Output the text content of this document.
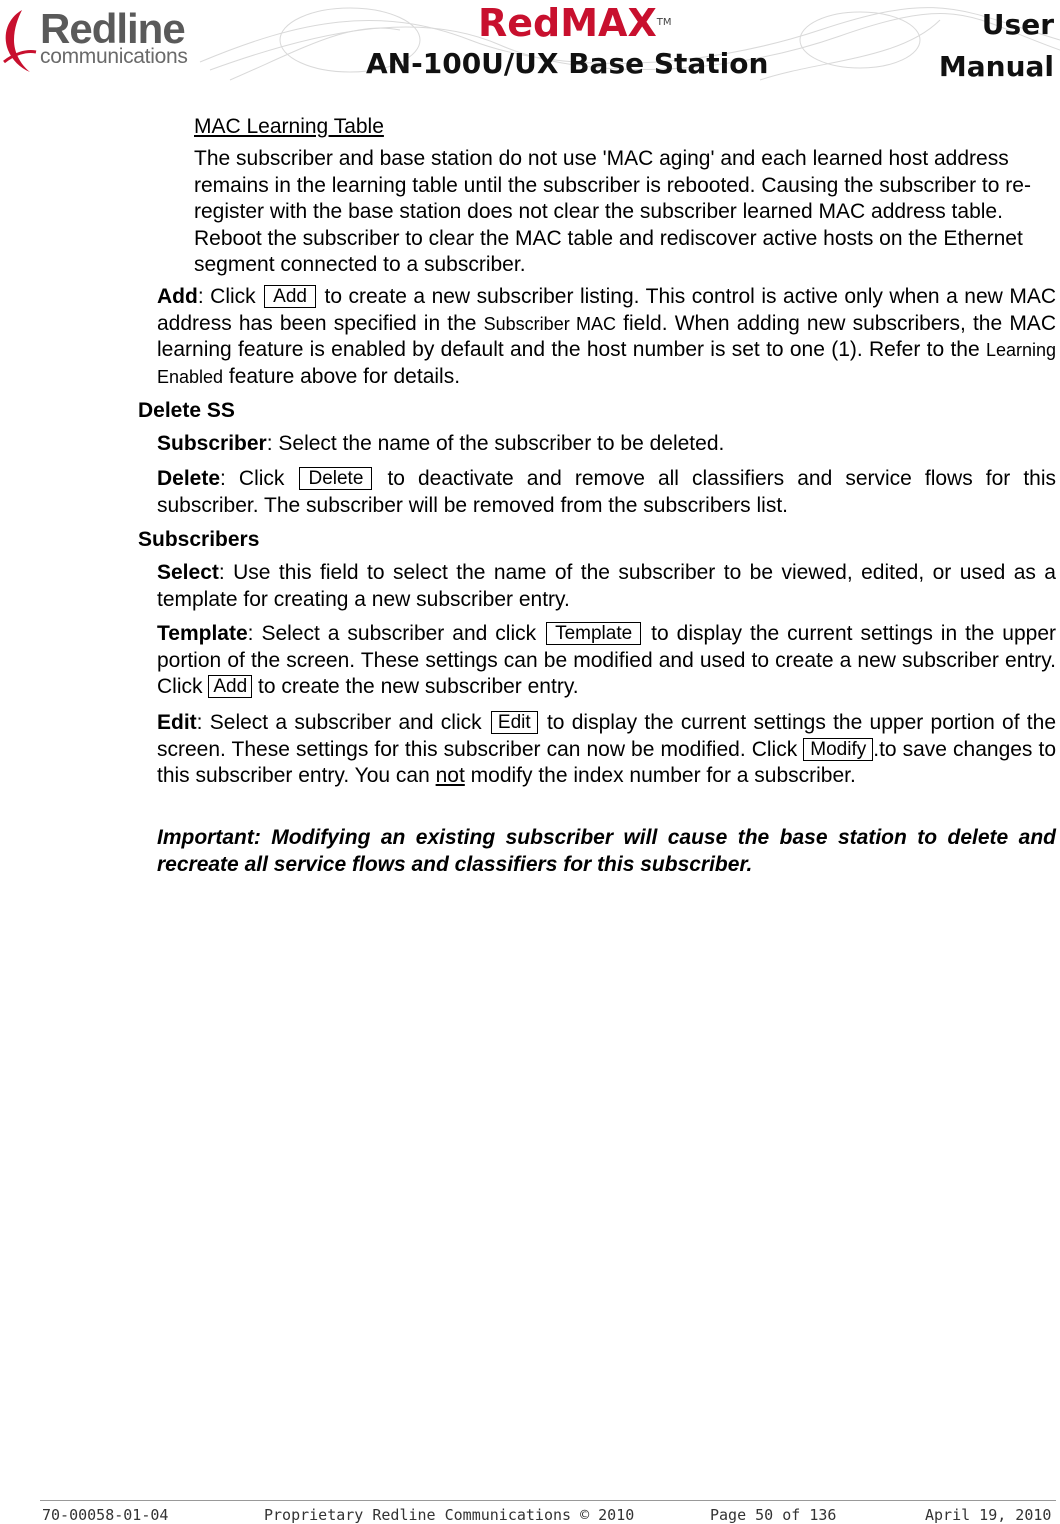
Redline
communications
RedMAX™
AN-100U/UX Base Station
User
Manual
MAC Learning Table
The subscriber and base station do not use 'MAC aging' and each learned host address remains in the learning table until the subscriber is rebooted. Causing the subscriber to re-register with the base station does not clear the subscriber learned MAC address table. Reboot the subscriber to clear the MAC table and rediscover active hosts on the Ethernet segment connected to a subscriber.
Add: Click Add to create a new subscriber listing. This control is active only when a new MAC address has been specified in the Subscriber MAC field. When adding new subscribers, the MAC learning feature is enabled by default and the host number is set to one (1). Refer to the Learning Enabled feature above for details.
Delete SS
Subscriber: Select the name of the subscriber to be deleted.
Delete: Click Delete to deactivate and remove all classifiers and service flows for this subscriber. The subscriber will be removed from the subscribers list.
Subscribers
Select: Use this field to select the name of the subscriber to be viewed, edited, or used as a template for creating a new subscriber entry.
Template: Select a subscriber and click Template to display the current settings in the upper portion of the screen. These settings can be modified and used to create a new subscriber entry. Click Add to create the new subscriber entry.
Edit: Select a subscriber and click Edit to display the current settings the upper portion of the screen. These settings for this subscriber can now be modified. Click Modify .to save changes to this subscriber entry. You can not modify the index number for a subscriber.
Important: Modifying an existing subscriber will cause the base station to delete and recreate all service flows and classifiers for this subscriber.
70-00058-01-04	Proprietary Redline Communications © 2010	Page 50 of 136	April 19, 2010
